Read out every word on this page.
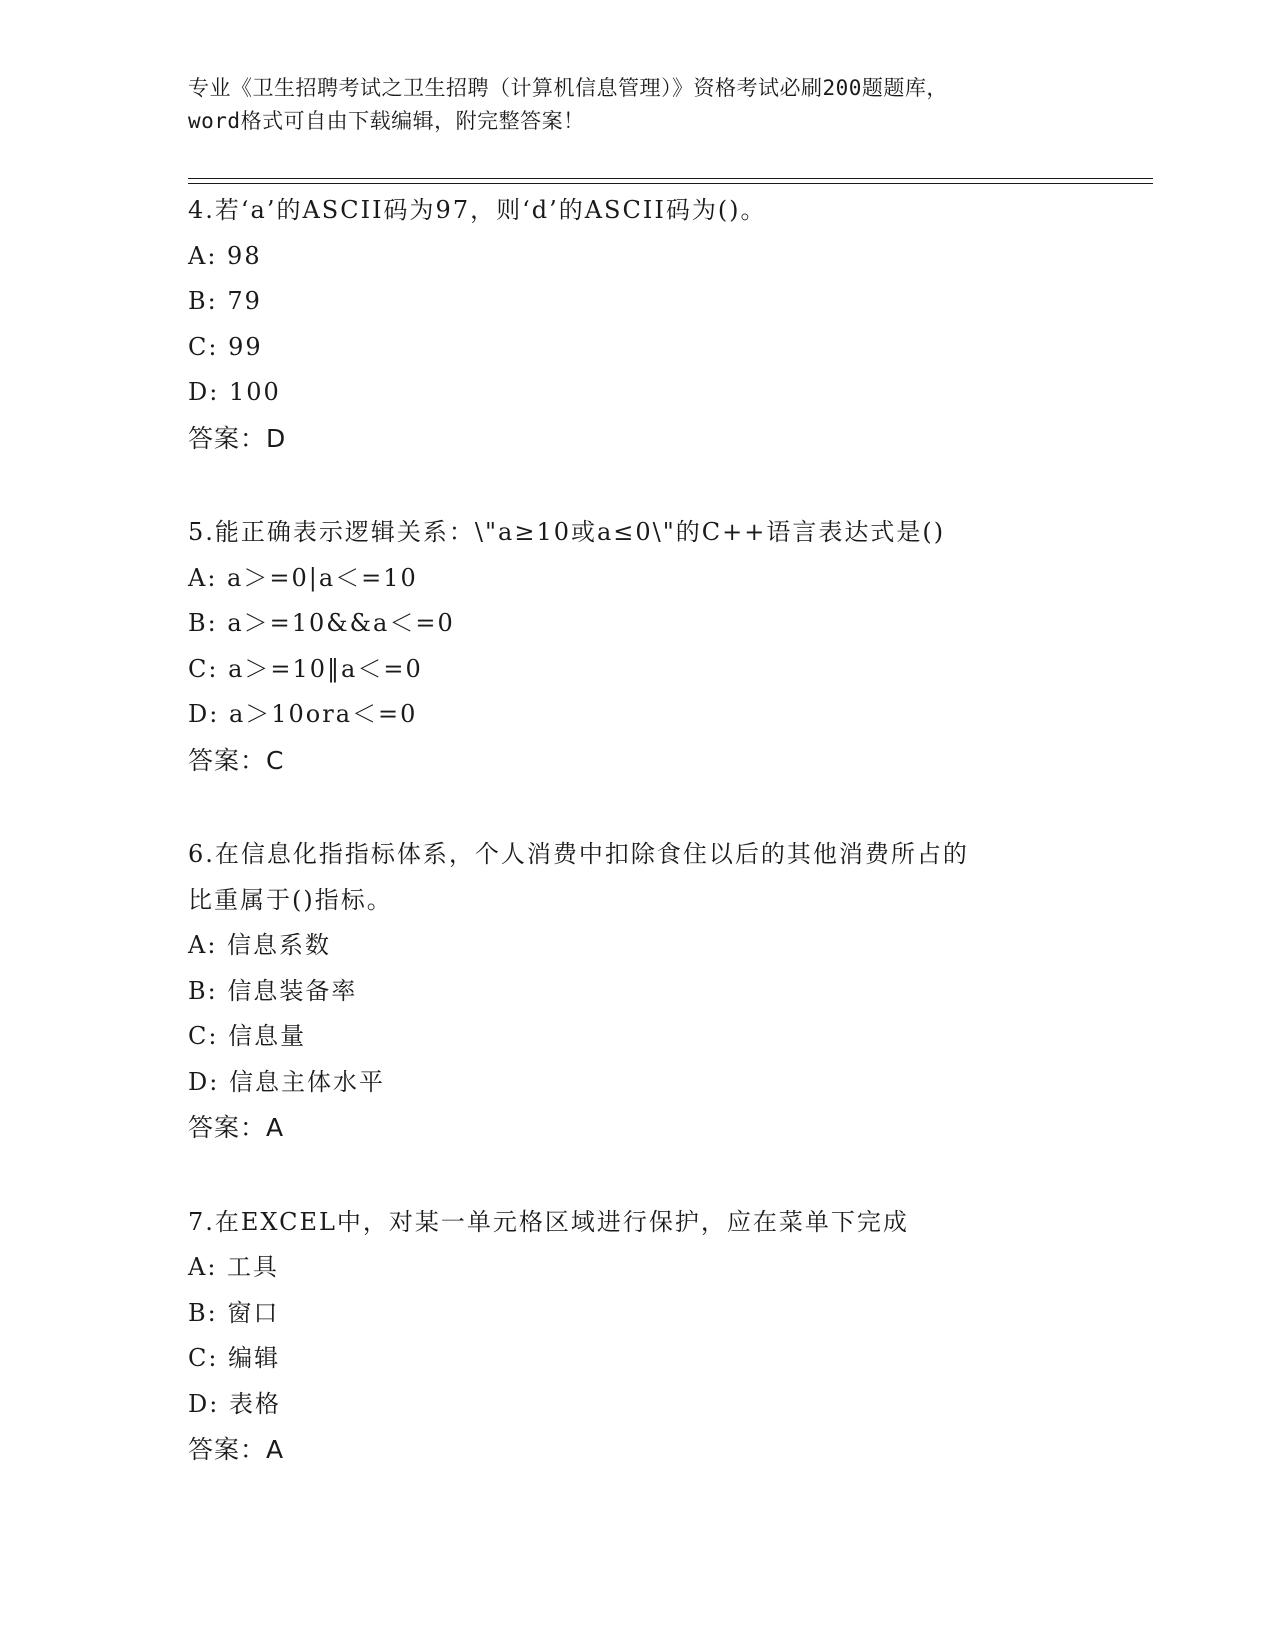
专业《卫生招聘考试之卫生招聘（计算机信息管理）》资格考试必刷200题题库，
word格式可自由下载编辑，附完整答案！
4.若‘a’的ASCII码为97，则‘d’的ASCII码为()。
A: 98
B: 79
C: 99
D: 100
答案：D
5.能正确表示逻辑关系：\"a≥10或a≤0\"的C++语言表达式是()
A: a＞=0|a＜=10
B: a＞=10&&a＜=0
C: a＞=10‖a＜=0
D: a＞10ora＜=0
答案：C
6.在信息化指指标体系，个人消费中扣除食住以后的其他消费所占的
比重属于()指标。
A: 信息系数
B: 信息装备率
C: 信息量
D: 信息主体水平
答案：A
7.在EXCEL中，对某一单元格区域进行保护，应在菜单下完成
A: 工具
B: 窗口
C: 编辑
D: 表格
答案：A
